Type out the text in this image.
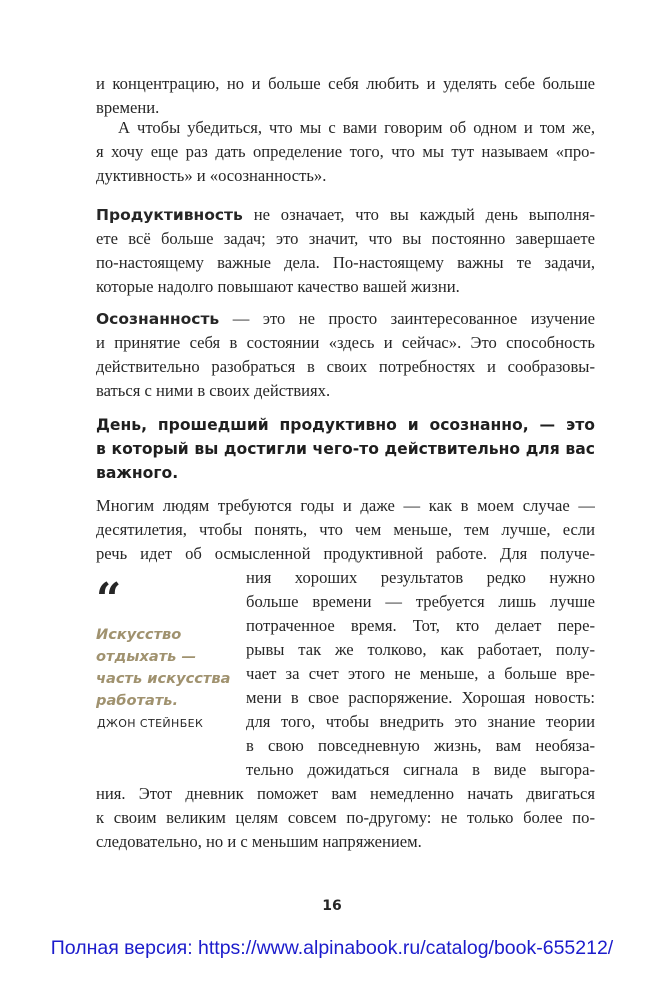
и концентрацию, но и больше себя любить и уделять себе больше
времени.
А чтобы убедиться, что мы с вами говорим об одном и том же,
я хочу еще раз дать определение того, что мы тут называем «про-
дуктивность» и «осознанность».
Продуктивность не означает, что вы каждый день выполня-
ете всё больше задач; это значит, что вы постоянно завершаете
по-настоящему важные дела. По-настоящему важны те задачи,
которые надолго повышают качество вашей жизни.
Осознанность — это не просто заинтересованное изучение
и принятие себя в состоянии «здесь и сейчас». Это способность
действительно разобраться в своих потребностях и сообразовы-
ваться с ними в своих действиях.
День, прошедший продуктивно и осознанно, — это
в который вы достигли чего-то действительно для вас
важного.
Многим людям требуются годы и даже — как в моем случае —
десятилетия, чтобы понять, что чем меньше, тем лучше, если
речь идет об осмысленной продуктивной работе. Для получе-
ния хороших результатов редко нужно
больше времени — требуется лишь лучше
потраченное время. Тот, кто делает пере-
рывы так же толково, как работает, полу-
чает за счет этого не меньше, а больше вре-
мени в свое распоряжение. Хорошая новость:
для того, чтобы внедрить это знание теории
в свою повседневную жизнь, вам необяза-
тельно дожидаться сигнала в виде выгора-
ния. Этот дневник поможет вам немедленно начать двигаться
к своим великим целям совсем по-другому: не только более по-
следовательно, но и с меньшим напряжением.
“
Искусство
отдыхать —
часть искусства
работать.
ДЖОН СТЕЙНБЕК
16
Полная версия: https://www.alpinabook.ru/catalog/book-655212/
